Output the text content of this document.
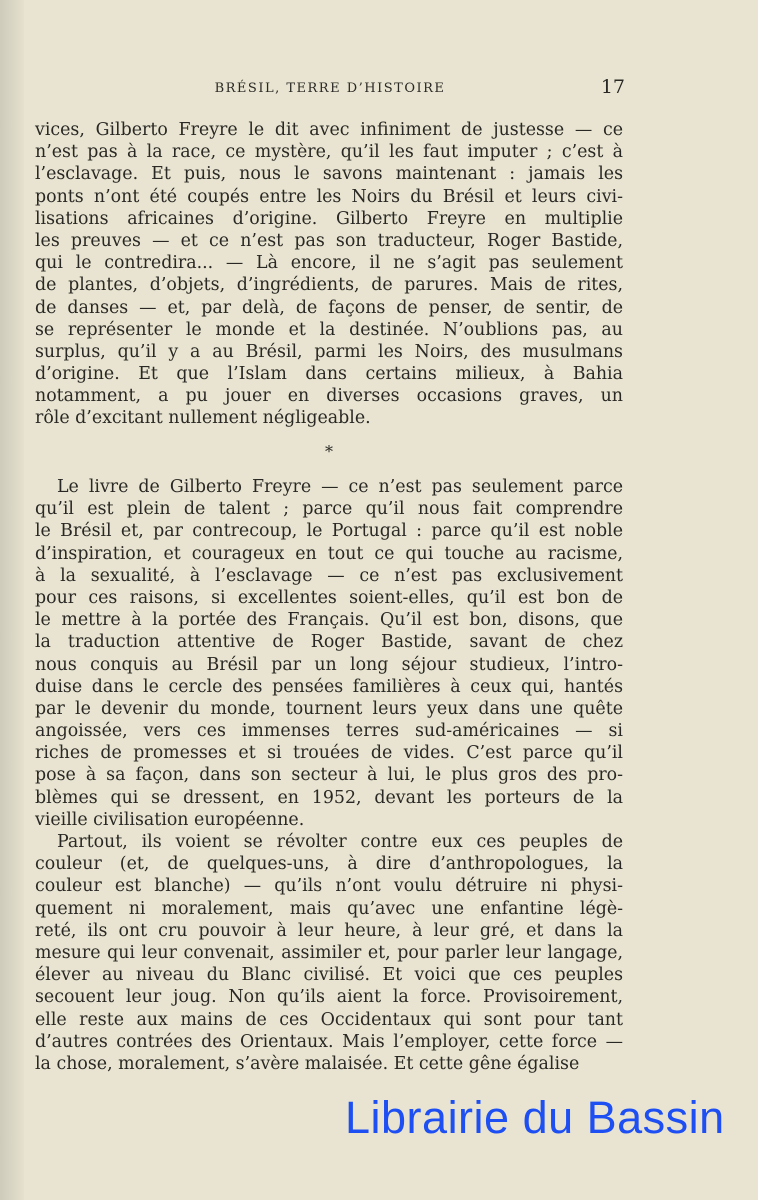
BRÉSIL, TERRE D’HISTOIRE	17
vices, Gilberto Freyre le dit avec infiniment de justesse — ce
n’est pas à la race, ce mystère, qu’il les faut imputer ; c’est à
l’esclavage. Et puis, nous le savons maintenant : jamais les
ponts n’ont été coupés entre les Noirs du Brésil et leurs civi-
lisations africaines d’origine. Gilberto Freyre en multiplie
les preuves — et ce n’est pas son traducteur, Roger Bastide,
qui le contredira... — Là encore, il ne s’agit pas seulement
de plantes, d’objets, d’ingrédients, de parures. Mais de rites,
de danses — et, par delà, de façons de penser, de sentir, de
se représenter le monde et la destinée. N’oublions pas, au
surplus, qu’il y a au Brésil, parmi les Noirs, des musulmans
d’origine. Et que l’Islam dans certains milieux, à Bahia
notamment, a pu jouer en diverses occasions graves, un
rôle d’excitant nullement négligeable.
*
Le livre de Gilberto Freyre — ce n’est pas seulement parce
qu’il est plein de talent ; parce qu’il nous fait comprendre
le Brésil et, par contrecoup, le Portugal : parce qu’il est noble
d’inspiration, et courageux en tout ce qui touche au racisme,
à la sexualité, à l’esclavage — ce n’est pas exclusivement
pour ces raisons, si excellentes soient-elles, qu’il est bon de
le mettre à la portée des Français. Qu’il est bon, disons, que
la traduction attentive de Roger Bastide, savant de chez
nous conquis au Brésil par un long séjour studieux, l’intro-
duise dans le cercle des pensées familières à ceux qui, hantés
par le devenir du monde, tournent leurs yeux dans une quête
angoissée, vers ces immenses terres sud-américaines — si
riches de promesses et si trouées de vides. C’est parce qu’il
pose à sa façon, dans son secteur à lui, le plus gros des pro-
blèmes qui se dressent, en 1952, devant les porteurs de la
vieille civilisation européenne.
Partout, ils voient se révolter contre eux ces peuples de
couleur (et, de quelques-uns, à dire d’anthropologues, la
couleur est blanche) — qu’ils n’ont voulu détruire ni physi-
quement ni moralement, mais qu’avec une enfantine légè-
reté, ils ont cru pouvoir à leur heure, à leur gré, et dans la
mesure qui leur convenait, assimiler et, pour parler leur langage,
élever au niveau du Blanc civilisé. Et voici que ces peuples
secouent leur joug. Non qu’ils aient la force. Provisoirement,
elle reste aux mains de ces Occidentaux qui sont pour tant
d’autres contrées des Orientaux. Mais l’employer, cette force —
la chose, moralement, s’avère malaisée. Et cette gêne égalise
Librairie du Bassin
